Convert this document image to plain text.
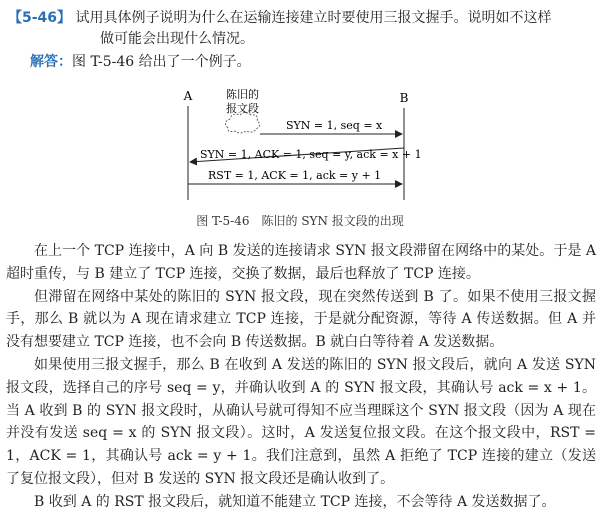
【5-46】 试用具体例子说明为什么在运输连接建立时要使用三报文握手。说明如不这样
做可能会出现什么情况。
解答：图 T-5-46 给出了一个例子。
A	B
陈旧的
报文段
SYN = 1, seq = x
SYN = 1, ACK = 1, seq = y, ack = x + 1
RST = 1, ACK = 1, ack = y + 1
图 T-5-46　陈旧的 SYN 报文段的出现

在上一个 TCP 连接中，A 向 B 发送的连接请求 SYN 报文段滞留在网络中的某处。于是 A 超时重传，与 B 建立了 TCP 连接，交换了数据，最后也释放了 TCP 连接。

但滞留在网络中某处的陈旧的 SYN 报文段，现在突然传送到 B 了。如果不使用三报文握手，那么 B 就以为 A 现在请求建立 TCP 连接，于是就分配资源，等待 A 传送数据。但 A 并没有想要建立 TCP 连接，也不会向 B 传送数据。B 就白白等待着 A 发送数据。

如果使用三报文握手，那么 B 在收到 A 发送的陈旧的 SYN 报文段后，就向 A 发送 SYN 报文段，选择自己的序号 seq = y，并确认收到 A 的 SYN 报文段，其确认号 ack = x + 1。当 A 收到 B 的 SYN 报文段时，从确认号就可得知不应当理睬这个 SYN 报文段（因为 A 现在并没有发送 seq = x 的 SYN 报文段）。这时，A 发送复位报文段。在这个报文段中，RST = 1，ACK = 1，其确认号 ack = y + 1。我们注意到，虽然 A 拒绝了 TCP 连接的建立（发送了复位报文段），但对 B 发送的 SYN 报文段还是确认收到了。

B 收到 A 的 RST 报文段后，就知道不能建立 TCP 连接，不会等待 A 发送数据了。
